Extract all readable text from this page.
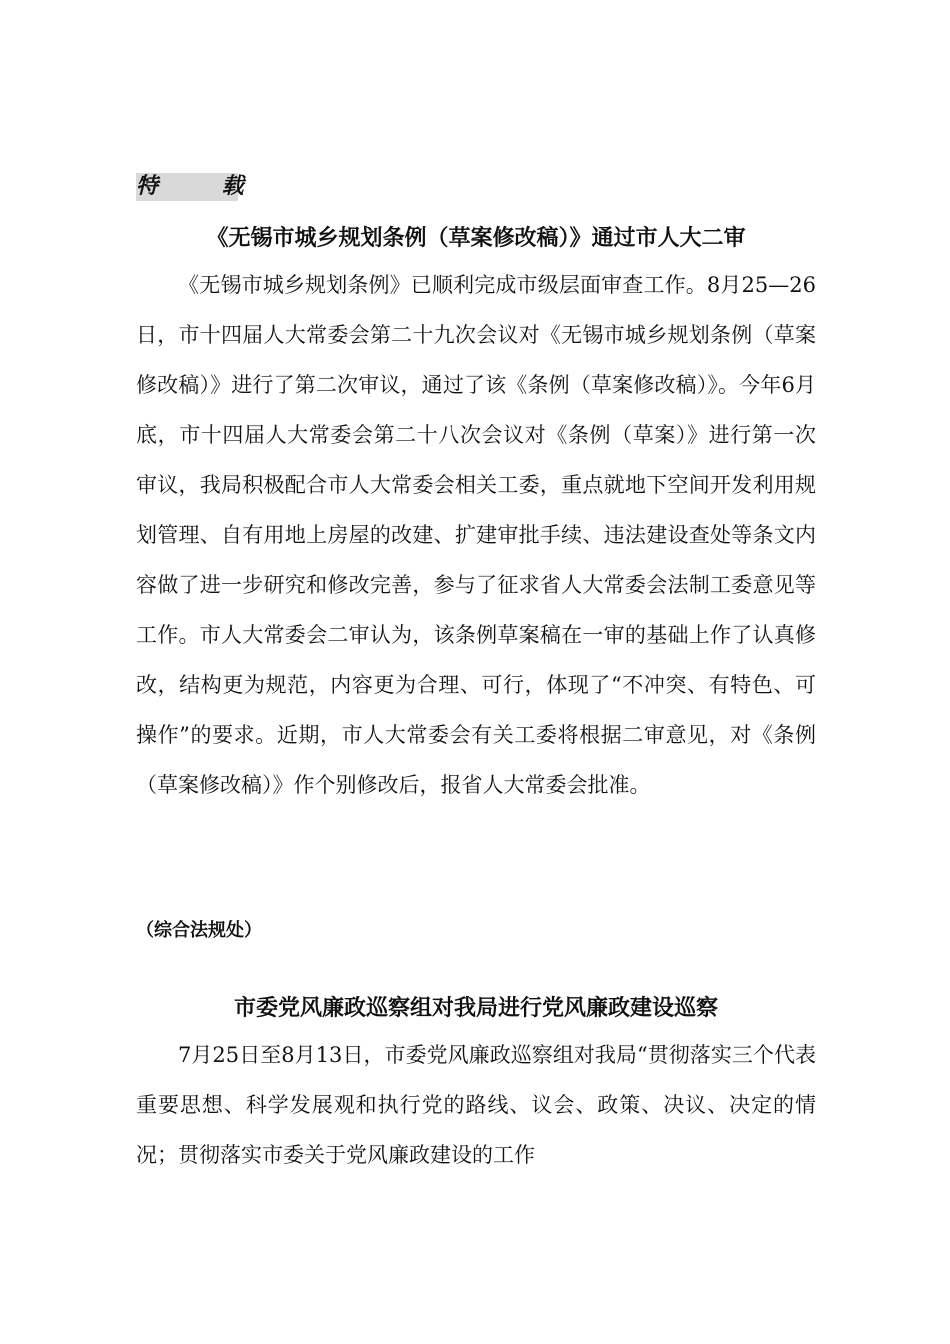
特 载
《无锡市城乡规划条例（草案修改稿）》通过市人大二审

《无锡市城乡规划条例》已顺利完成市级层面审查工作。8月25—26日，市十四届人大常委会第二十九次会议对《无锡市城乡规划条例（草案修改稿）》进行了第二次审议，通过了该《条例（草案修改稿）》。今年6月底，市十四届人大常委会第二十八次会议对《条例（草案）》进行第一次审议，我局积极配合市人大常委会相关工委，重点就地下空间开发利用规划管理、自有用地上房屋的改建、扩建审批手续、违法建设查处等条文内容做了进一步研究和修改完善，参与了征求省人大常委会法制工委意见等工作。市人大常委会二审认为，该条例草案稿在一审的基础上作了认真修改，结构更为规范，内容更为合理、可行，体现了“不冲突、有特色、可操作”的要求。近期，市人大常委会有关工委将根据二审意见，对《条例（草案修改稿）》作个别修改后，报省人大常委会批准。

（综合法规处）
市委党风廉政巡察组对我局进行党风廉政建设巡察

7月25日至8月13日，市委党风廉政巡察组对我局“贯彻落实三个代表重要思想、科学发展观和执行党的路线、议会、政策、决议、决定的情况；贯彻落实市委关于党风廉政建设的工作
